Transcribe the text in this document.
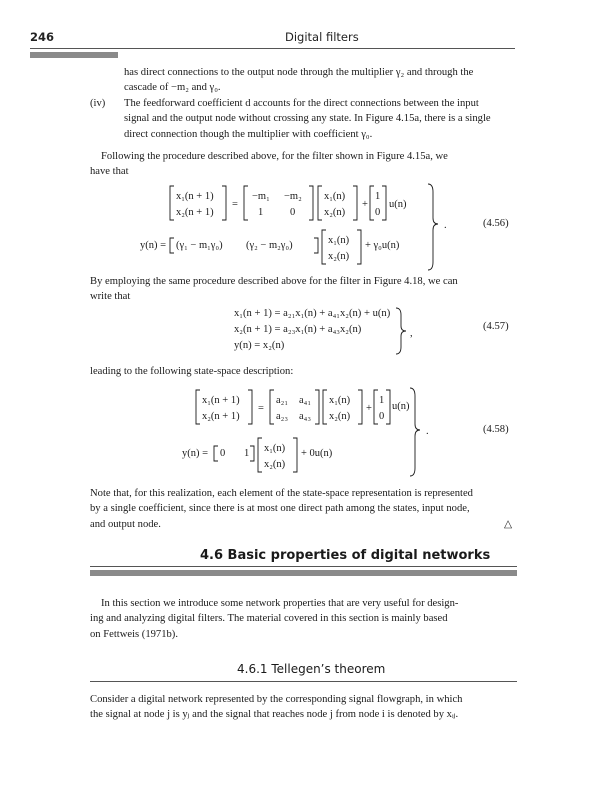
246	Digital filters
has direct connections to the output node through the multiplier γ₂ and through the
cascade of −m₂ and γ₀.
(iv) The feedforward coefficient d accounts for the direct connections between the input
signal and the output node without crossing any state. In Figure 4.15a, there is a single
direct connection though the multiplier with coefficient γ₀.
Following the procedure described above, for the filter shown in Figure 4.15a, we
have that
x₁(n + 1)
x₂(n + 1)
=
−m₁ −m₂
1	0
x₁(n)
x₂(n)
+
1
0
u(n)
y(n) = (γ₁ − m₁γ₀) (γ₂ − m₂γ₀)	x₁(n)
x₂(n)
+ γ₀u(n)
.	(4.56)
By employing the same procedure described above for the filter in Figure 4.18, we can
write that
x₁(n + 1) = a₂₁x₁(n) + a₄₁x₂(n) + u(n)
x₂(n + 1) = a₂₃x₁(n) + a₄₃x₂(n)
y(n) = x₂(n)
,
(4.57)
leading to the following state-space description:
x₁(n + 1)
x₂(n + 1)
=
a₂₁ a₄₁
a₂₃ a₄₃
x₁(n)
x₂(n)
+
1
0
u(n)
y(n) = 0 1 x₁(n)
x₂(n)
+ 0u(n)
.	(4.58)
Note that, for this realization, each element of the state-space representation is represented
by a single coefficient, since there is at most one direct path among the states, input node,
and output node.	△
4.6 Basic properties of digital networks
In this section we introduce some network properties that are very useful for design-
ing and analyzing digital filters. The material covered in this section is mainly based
on Fettweis (1971b).
4.6.1 Tellegen’s theorem
Consider a digital network represented by the corresponding signal flowgraph, in which
the signal at node j is yⱼ and the signal that reaches node j from node i is denoted by xᵢⱼ.
